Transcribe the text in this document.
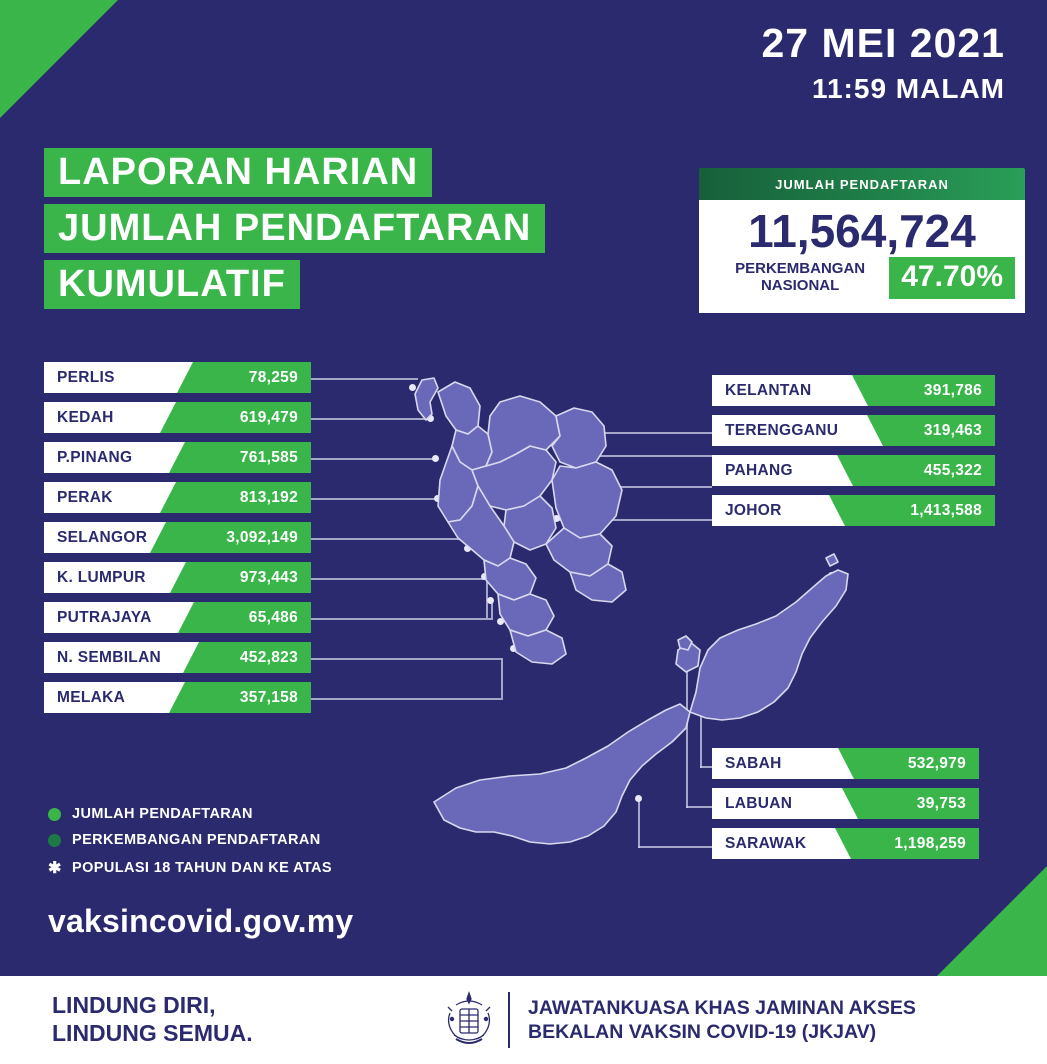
27 MEI 2021
11:59 MALAM
LAPORAN HARIAN
JUMLAH PENDAFTARAN
KUMULATIF
JUMLAH PENDAFTARAN
11,564,724
PERKEMBANGAN
NASIONAL	47.70%
PERLIS	78,259
KEDAH	619,479
P.PINANG	761,585
PERAK	813,192
SELANGOR	3,092,149
K. LUMPUR	973,443
PUTRAJAYA	65,486
N. SEMBILAN	452,823
MELAKA	357,158
KELANTAN	391,786
TERENGGANU	319,463
PAHANG	455,322
JOHOR	1,413,588
SABAH	532,979
LABUAN	39,753
SARAWAK	1,198,259
JUMLAH PENDAFTARAN
PERKEMBANGAN PENDAFTARAN
✱ POPULASI 18 TAHUN DAN KE ATAS
vaksincovid.gov.my
LINDUNG DIRI,
LINDUNG SEMUA.
JAWATANKUASA KHAS JAMINAN AKSES
BEKALAN VAKSIN COVID-19 (JKJAV)
